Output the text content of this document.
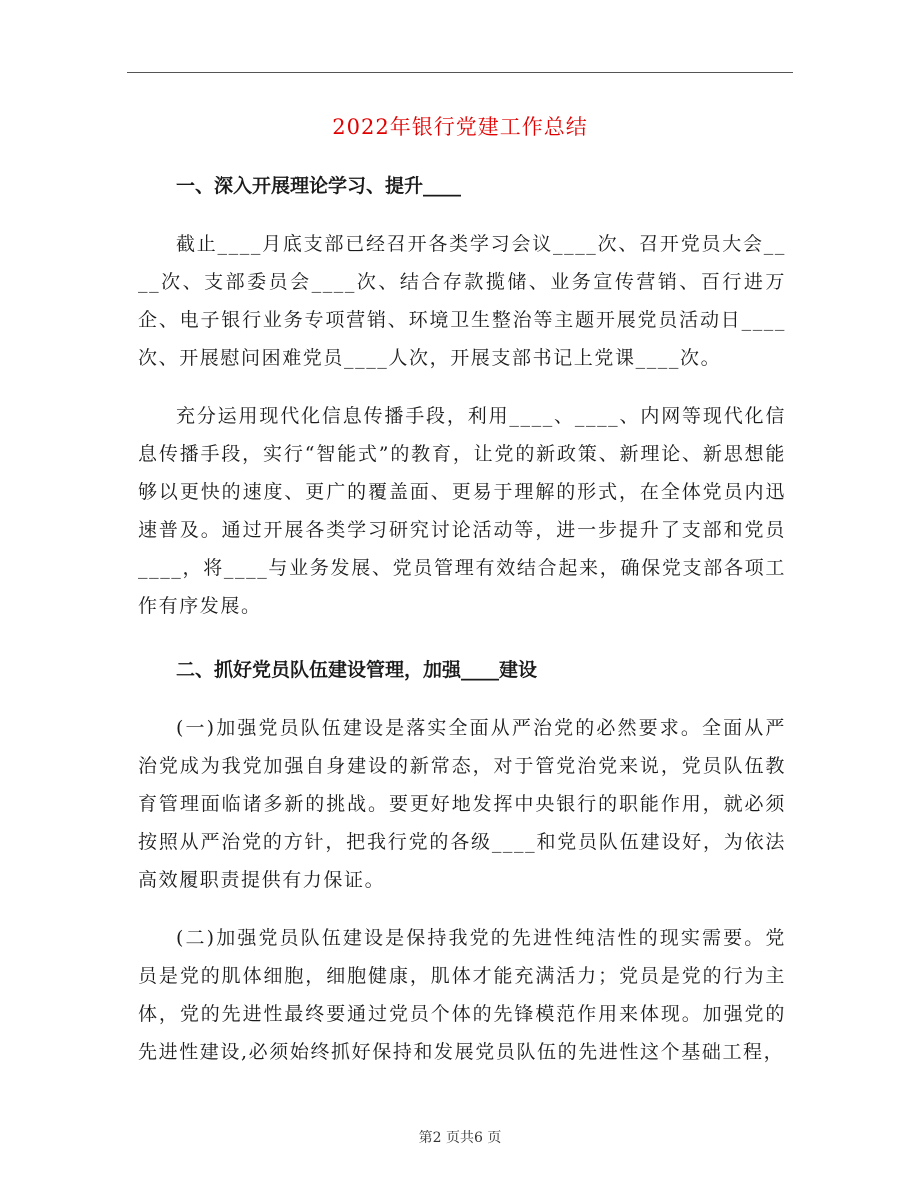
2022年银行党建工作总结

一、深入开展理论学习、提升____

截止____月底支部已经召开各类学习会议____次、召开党员大会____次、支部委员会____次、结合存款揽储、业务宣传营销、百行进万企、电子银行业务专项营销、环境卫生整治等主题开展党员活动日____次、开展慰问困难党员____人次，开展支部书记上党课____次。

充分运用现代化信息传播手段，利用____、____、内网等现代化信息传播手段，实行“智能式”的教育，让党的新政策、新理论、新思想能够以更快的速度、更广的覆盖面、更易于理解的形式，在全体党员内迅速普及。通过开展各类学习研究讨论活动等，进一步提升了支部和党员____，将____与业务发展、党员管理有效结合起来，确保党支部各项工作有序发展。

二、抓好党员队伍建设管理，加强____建设

(一)加强党员队伍建设是落实全面从严治党的必然要求。全面从严治党成为我党加强自身建设的新常态，对于管党治党来说，党员队伍教育管理面临诸多新的挑战。要更好地发挥中央银行的职能作用，就必须按照从严治党的方针，把我行党的各级____和党员队伍建设好，为依法高效履职责提供有力保证。

(二)加强党员队伍建设是保持我党的先进性纯洁性的现实需要。党员是党的肌体细胞，细胞健康，肌体才能充满活力；党员是党的行为主体，党的先进性最终要通过党员个体的先锋模范作用来体现。加强党的先进性建设,必须始终抓好保持和发展党员队伍的先进性这个基础工程，

第2 页共6 页
